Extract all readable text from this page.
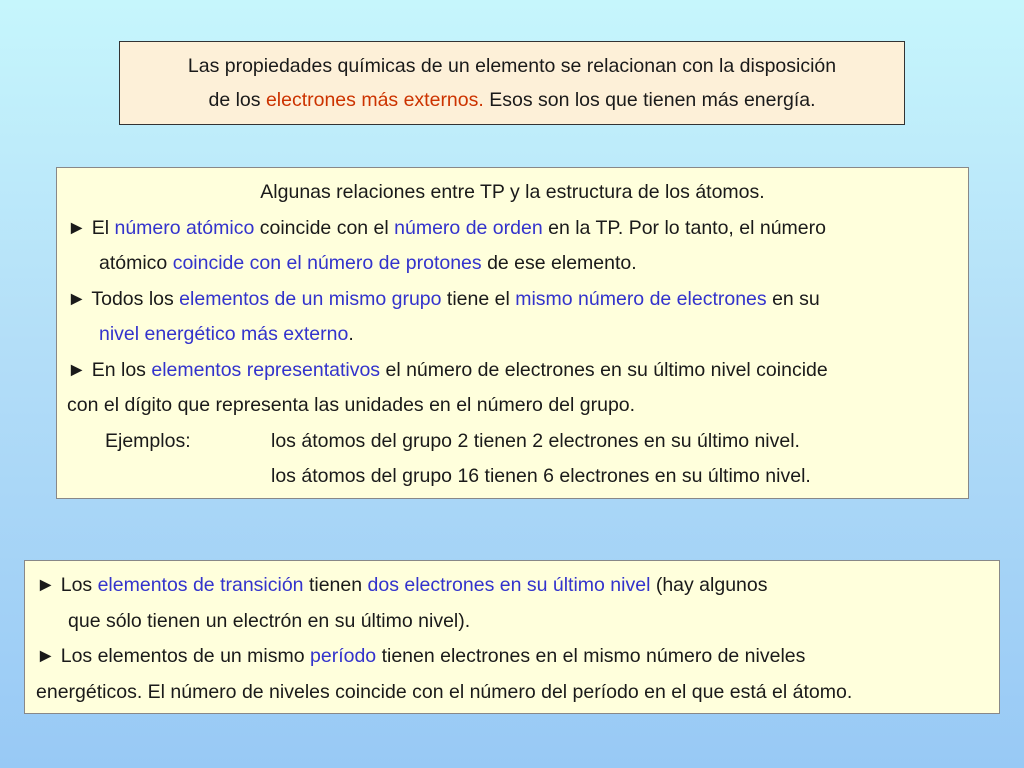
Las propiedades químicas de un elemento se relacionan con la disposición
de los electrones más externos. Esos son los que tienen más energía.
Algunas relaciones entre TP y la estructura de los átomos.
► El número atómico coincide con el número de orden en la TP. Por lo tanto, el número
atómico coincide con el número de protones de ese elemento.
► Todos los elementos de un mismo grupo tiene el mismo número de electrones en su
nivel energético más externo.
► En los elementos representativos el número de electrones en su último nivel coincide
con el dígito que representa las unidades en el número del grupo.
Ejemplos:	los átomos del grupo 2 tienen 2 electrones en su último nivel.
los átomos del grupo 16 tienen 6 electrones en su último nivel.
► Los elementos de transición tienen dos electrones en su último nivel (hay algunos
que sólo tienen un electrón en su último nivel).
► Los elementos de un mismo período tienen electrones en el mismo número de niveles
energéticos. El número de niveles coincide con el número del período en el que está el átomo.
